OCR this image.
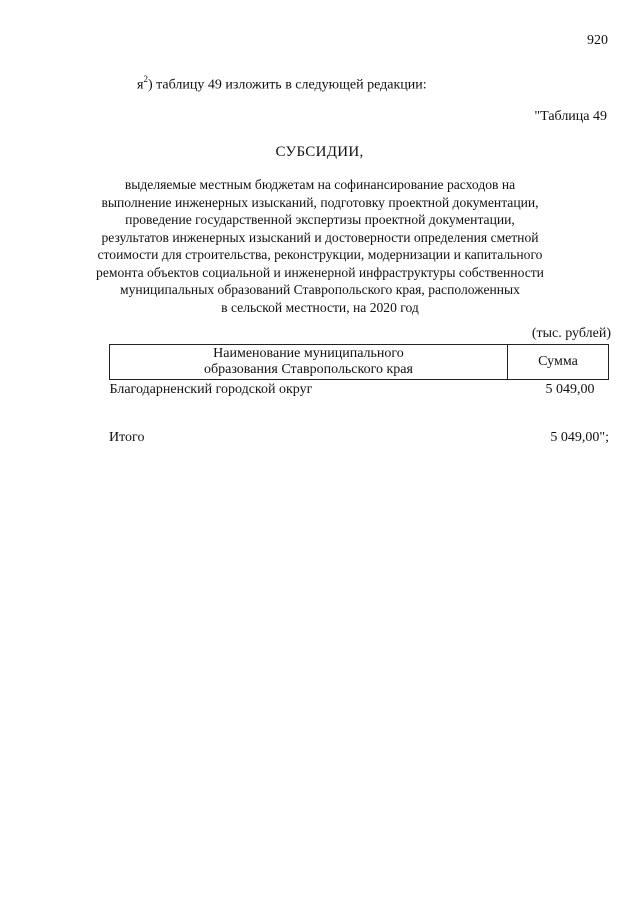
920
$я^2$) таблицу 49 изложить в следующей редакции:
"Таблица 49
СУБСИДИИ,
выделяемые местным бюджетам на софинансирование расходов на
выполнение инженерных изысканий, подготовку проектной документации,
проведение государственной экспертизы проектной документации,
результатов инженерных изысканий и достоверности определения сметной
стоимости для строительства, реконструкции, модернизации и капитального
ремонта объектов социальной и инженерной инфраструктуры собственности
муниципальных образований Ставропольского края, расположенных
в сельской местности, на 2020 год
(тыс. рублей)
Наименование муниципального
образования Ставропольского края	Сумма
Благодарненский городской округ	5 049,00
Итого	5 049,00";
